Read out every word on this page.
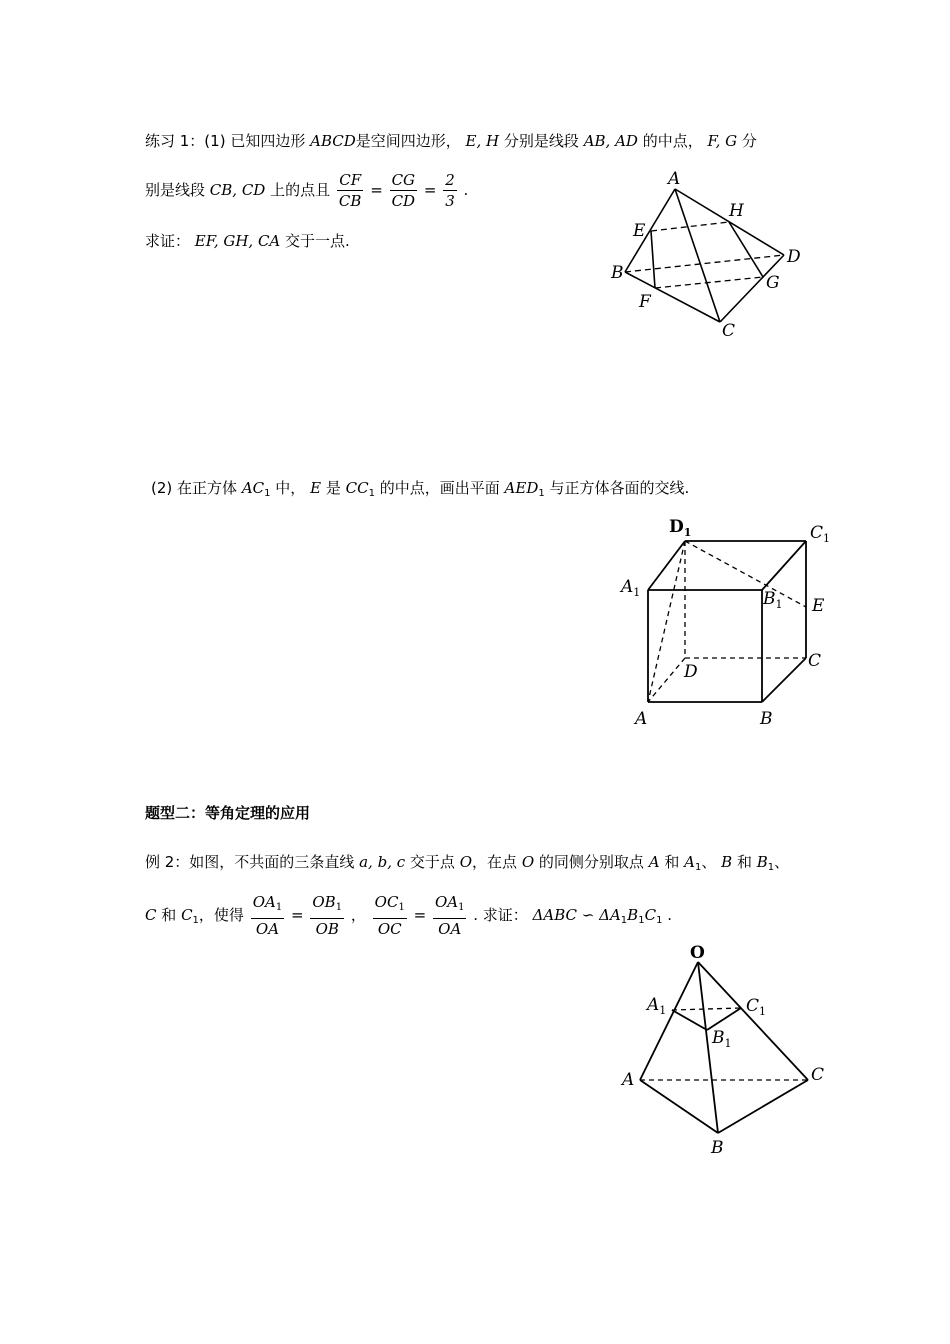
练习 1：(1) 已知四边形 ABCD是空间四边形， E, H 分别是线段 AB, AD 的中点， F, G 分
别是线段 CB, CD 上的点且 $\frac{CF}{CB} = \frac{CG}{CD} = \frac{2}{3}$ .
求证： EF, GH, CA 交于一点.
A
H
E
D
B	G
F
C
(2) 在正方体 $AC_1$ 中， E 是 $CC_1$ 的中点，画出平面 $AED_1$ 与正方体各面的交线.
$D_1$	$C_1$
$A_1$	$B_1$ E
C
D
A	B
题型二：等角定理的应用
例 2：如图，不共面的三条直线 a, b, c 交于点 O，在点 O 的同侧分别取点 A 和 $A_1$、 B 和 $B_1$、
C 和 $C_1$，使得 $\frac{OA_1}{OA} = \frac{OB_1}{OB}$ ， $\frac{OC_1}{OC} = \frac{OA_1}{OA}$ . 求证： ΔABC ∽ $\Delta A_1B_1C_1$ .
O
$A_1$	$C_1$
$B_1$
A	C
B
